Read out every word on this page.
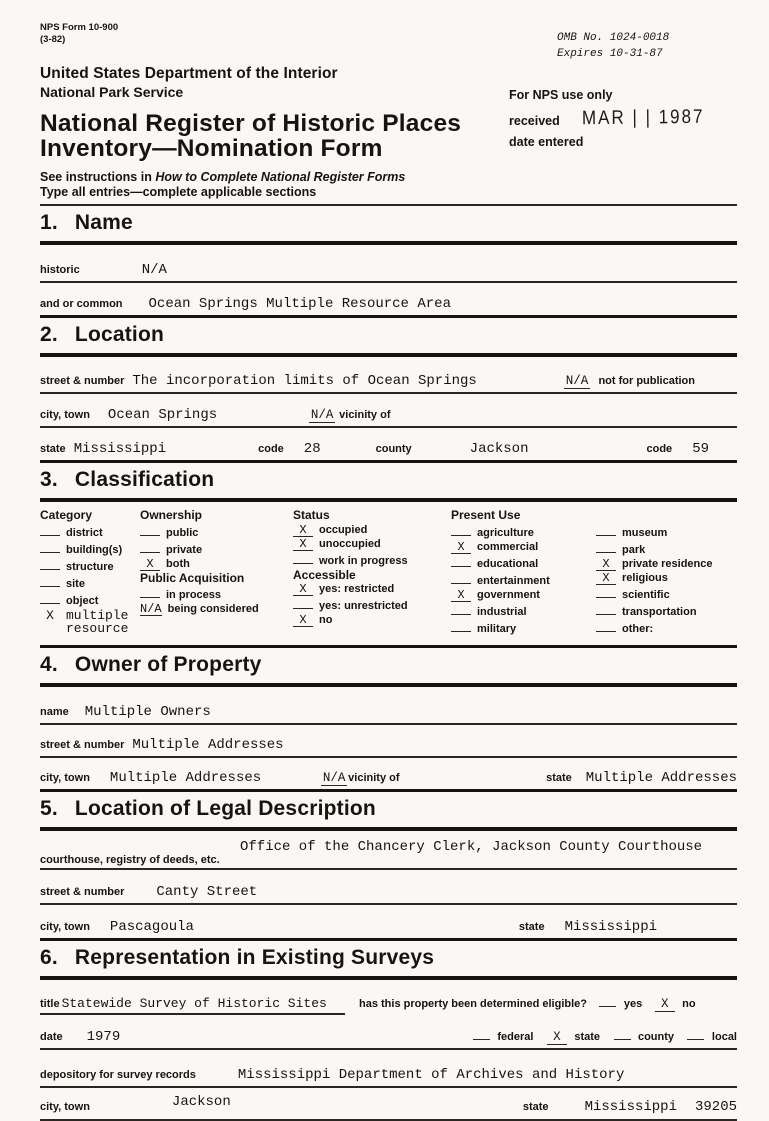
NPS Form 10-900
(3-82)
United States Department of the Interior
National Park Service
National Register of Historic Places
Inventory—Nomination Form
See instructions in How to Complete National Register Forms
Type all entries—complete applicable sections
OMB No. 1024-0018
Expires 10-31-87
For NPS use only
received MAR | | 1987
date entered
1. Name
historic	N/A
and or common Ocean Springs Multiple Resource Area
2. Location
street & number The incorporation limits of Ocean Springs	N/A not for publication
city, town Ocean Springs	N/A vicinity of
state Mississippi	code 28	county	Jackson	code 59
3. Classification
Category
district
building(s)
structure
site
object
X multiple resource
Ownership
public
private
X	both
Public Acquisition
in process
N/A being considered
Status
X	occupied
X	unoccupied
work in progress
Accessible
X	yes: restricted
yes: unrestricted
X	no
Present Use
agriculture
X	commercial
educational
entertainment
X	government
industrial
military
museum
park
X	private residence
X	religious
scientific
transportation
other:
4. Owner of Property
name Multiple Owners
street & number Multiple Addresses
city, town Multiple Addresses	N/A vicinity of	state Multiple Addresses
5. Location of Legal Description
Office of the Chancery Clerk, Jackson County Courthouse
courthouse, registry of deeds, etc.
street & number Canty Street
city, town Pascagoula	state Mississippi
6. Representation in Existing Surveys
title Statewide Survey of Historic Sites	has this property been determined eligible?	yes X no
date 1979	federal X state	county	local
depository for survey records	Mississippi Department of Archives and History
city, town	Jackson	state	Mississippi 39205
